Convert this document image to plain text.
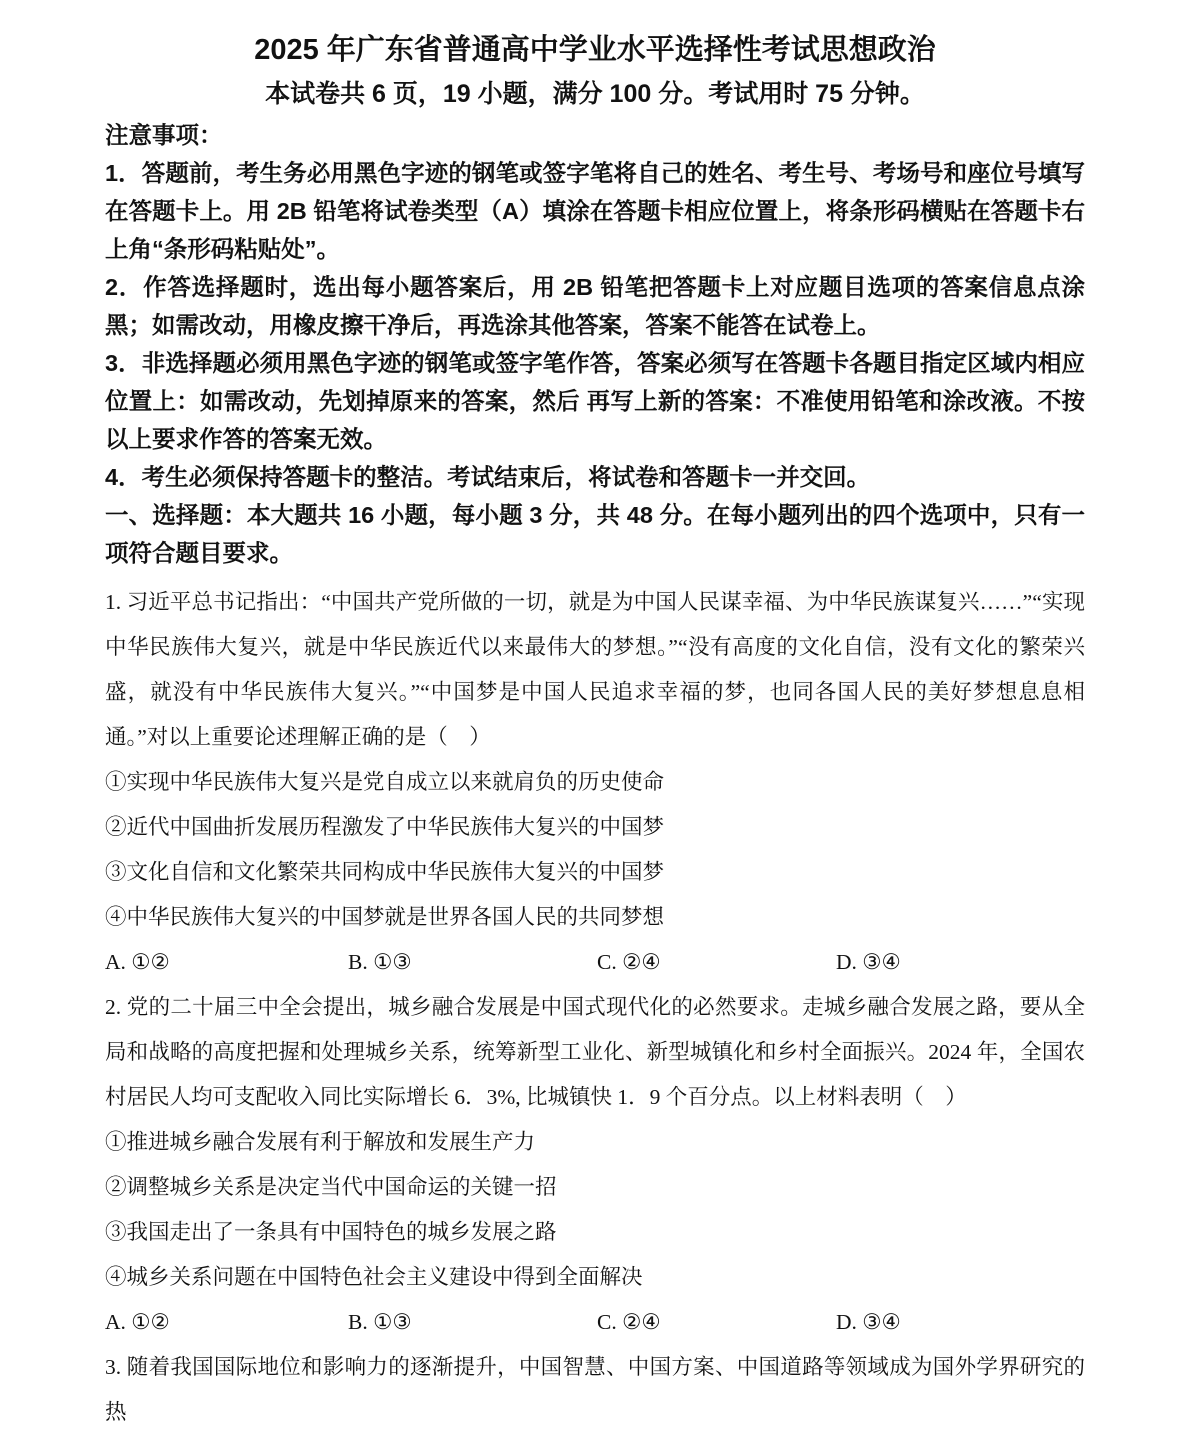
2025 年广东省普通高中学业水平选择性考试思想政治
本试卷共 6 页，19 小题，满分 100 分。考试用时 75 分钟。
注意事项：
1．答题前，考生务必用黑色字迹的钢笔或签字笔将自己的姓名、考生号、考场号和座位号填写在答题卡上。用 2B 铅笔将试卷类型（A）填涂在答题卡相应位置上，将条形码横贴在答题卡右上角“条形码粘贴处”。
2．作答选择题时，选出每小题答案后，用 2B 铅笔把答题卡上对应题目选项的答案信息点涂黑；如需改动，用橡皮擦干净后，再选涂其他答案，答案不能答在试卷上。
3．非选择题必须用黑色字迹的钢笔或签字笔作答，答案必须写在答题卡各题目指定区域内相应位置上：如需改动，先划掉原来的答案，然后 再写上新的答案：不准使用铅笔和涂改液。不按以上要求作答的答案无效。
4．考生必须保持答题卡的整洁。考试结束后，将试卷和答题卡一并交回。
一、选择题：本大题共 16 小题，每小题 3 分，共 48 分。在每小题列出的四个选项中，只有一项符合题目要求。
1. 习近平总书记指出：“中国共产党所做的一切，就是为中国人民谋幸福、为中华民族谋复兴……”“实现中华民族伟大复兴，就是中华民族近代以来最伟大的梦想。”“没有高度的文化自信，没有文化的繁荣兴盛，就没有中华民族伟大复兴。”“中国梦是中国人民追求幸福的梦，也同各国人民的美好梦想息息相通。”对以上重要论述理解正确的是（　）
①实现中华民族伟大复兴是党自成立以来就肩负的历史使命
②近代中国曲折发展历程激发了中华民族伟大复兴的中国梦
③文化自信和文化繁荣共同构成中华民族伟大复兴的中国梦
④中华民族伟大复兴的中国梦就是世界各国人民的共同梦想
A. ①②	B. ①③	C. ②④	D. ③④
2. 党的二十届三中全会提出，城乡融合发展是中国式现代化的必然要求。走城乡融合发展之路，要从全局和战略的高度把握和处理城乡关系，统筹新型工业化、新型城镇化和乡村全面振兴。2024 年，全国农村居民人均可支配收入同比实际增长 6．3%, 比城镇快 1．9 个百分点。以上材料表明（　）
①推进城乡融合发展有利于解放和发展生产力
②调整城乡关系是决定当代中国命运的关键一招
③我国走出了一条具有中国特色的城乡发展之路
④城乡关系问题在中国特色社会主义建设中得到全面解决
A. ①②	B. ①③	C. ②④	D. ③④
3. 随着我国国际地位和影响力的逐渐提升，中国智慧、中国方案、中国道路等领域成为国外学界研究的热
